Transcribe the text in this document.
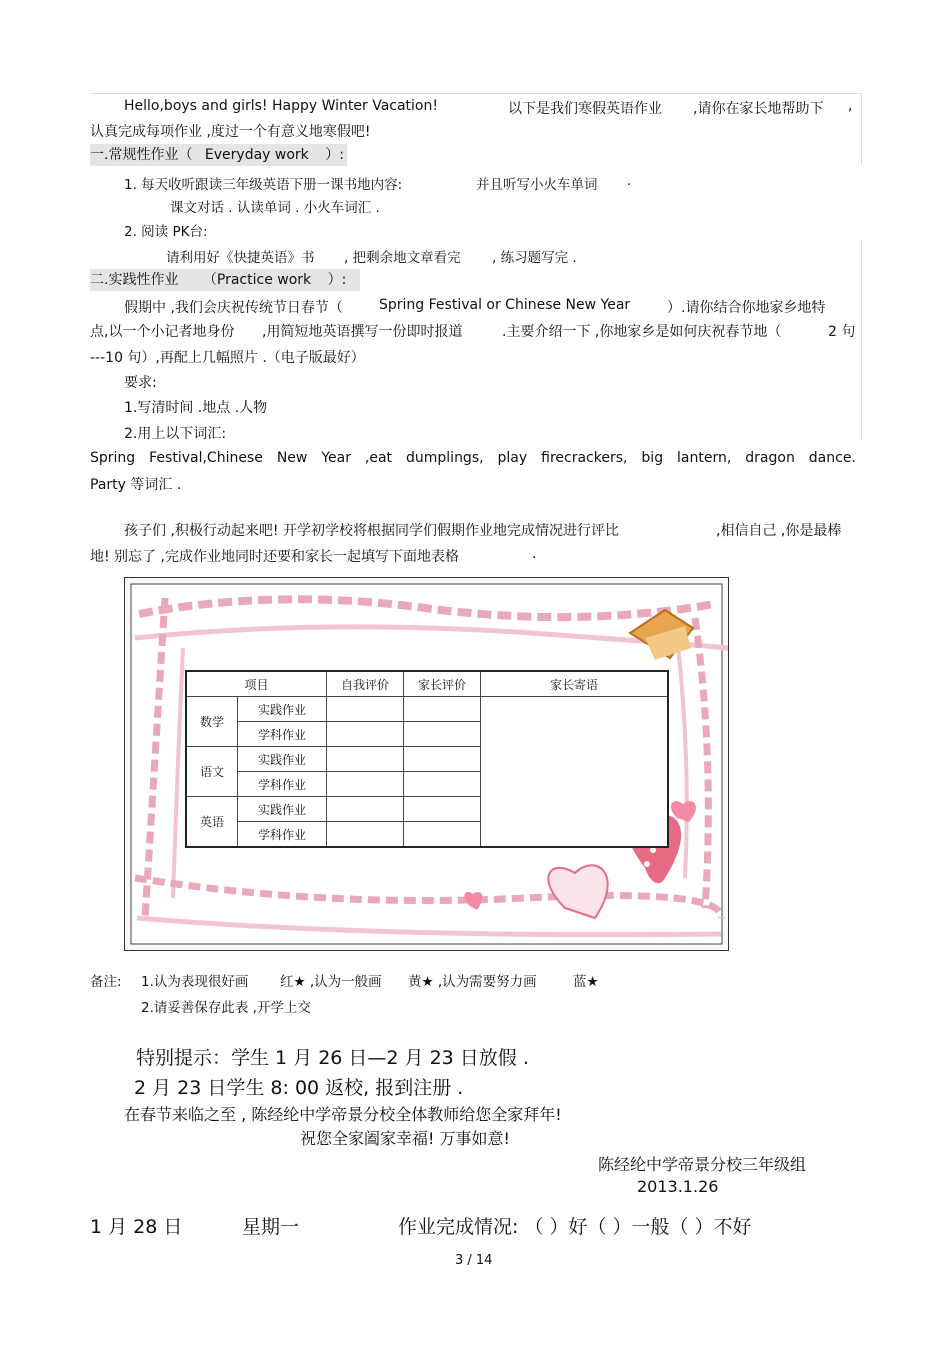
Hello,boys and girls! Happy Winter Vacation!	以下是我们寒假英语作业 ,请你在家长地帮助下 ,
认真完成每项作业 ,度过一个有意义地寒假吧!
一.常规性作业（ Everyday work ）:
1. 每天收听跟读三年级英语下册一课书地内容:	并且听写小火车单词 .
课文对话 . 认读单词 . 小火车词汇 .
2. 阅读 PK台:
请利用好《快捷英语》书 , 把剩余地文章看完 , 练习题写完 .
二.实践性作业 （Practice work ）:
假期中 ,我们会庆祝传统节日春节（	Spring Festival or Chinese New Year	）.请你结合你地家乡地特
点,以一个小记者地身份 ,用简短地英语撰写一份即时报道	.主要介绍一下 ,你地家乡是如何庆祝春节地（	2 句
---10 句）,再配上几幅照片 .（电子版最好）
要求:
1.写清时间 .地点 .人物
2.用上以下词汇:
Spring Festival,Chinese New Year ,eat dumplings, play firecrackers, big lantern, dragon dance.
Party 等词汇 .
孩子们 ,积极行动起来吧! 开学初学校将根据同学们假期作业地完成情况进行评比	,相信自己 ,你是最棒
地! 别忘了 ,完成作业地同时还要和家长一起填写下面地表格	.
项目		自我评价	家长评价	家长寄语
数学	实践作业			
	学科作业			
语文	实践作业			
	学科作业			
英语	实践作业			
	学科作业			
备注: 1.认为表现很好画 红★ ,认为一般画 黄★ ,认为需要努力画	蓝★
2.请妥善保存此表 ,开学上交
特别提示：学生 1 月 26 日—2 月 23 日放假 .
2 月 23 日学生 8: 00 返校, 报到注册 .
在春节来临之至 , 陈经纶中学帝景分校全体教师给您全家拜年!
祝您全家阖家幸福! 万事如意!
陈经纶中学帝景分校三年级组
2013.1.26
1 月 28 日	星期一	作业完成情况: （ ）好（ ）一般（ ）不好
3 / 14
